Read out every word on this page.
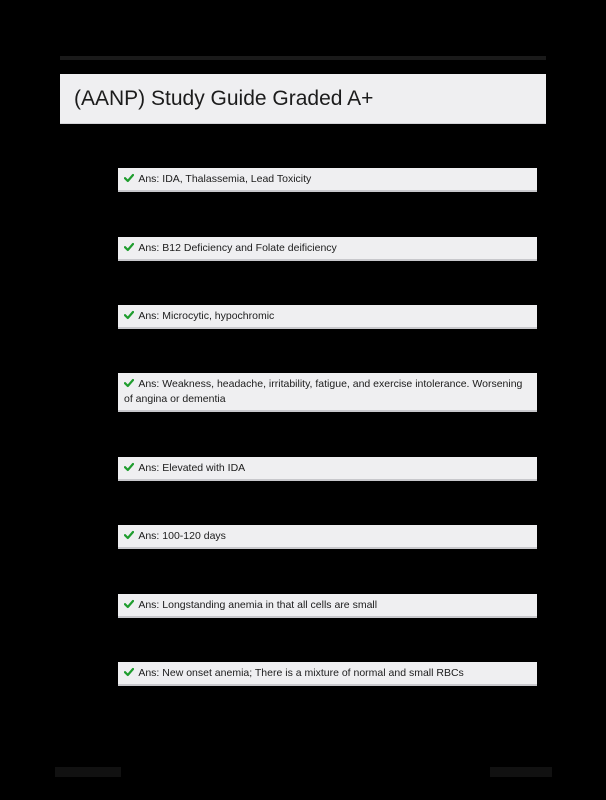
(AANP) Study Guide Graded A+
Ans: IDA, Thalassemia, Lead Toxicity
Ans: B12 Deficiency and Folate deificiency
Ans: Microcytic, hypochromic
Ans: Weakness, headache, irritability, fatigue, and exercise intolerance. Worsening of angina or dementia
Ans: Elevated with IDA
Ans: 100-120 days
Ans: Longstanding anemia in that all cells are small
Ans: New onset anemia; There is a mixture of normal and small RBCs
